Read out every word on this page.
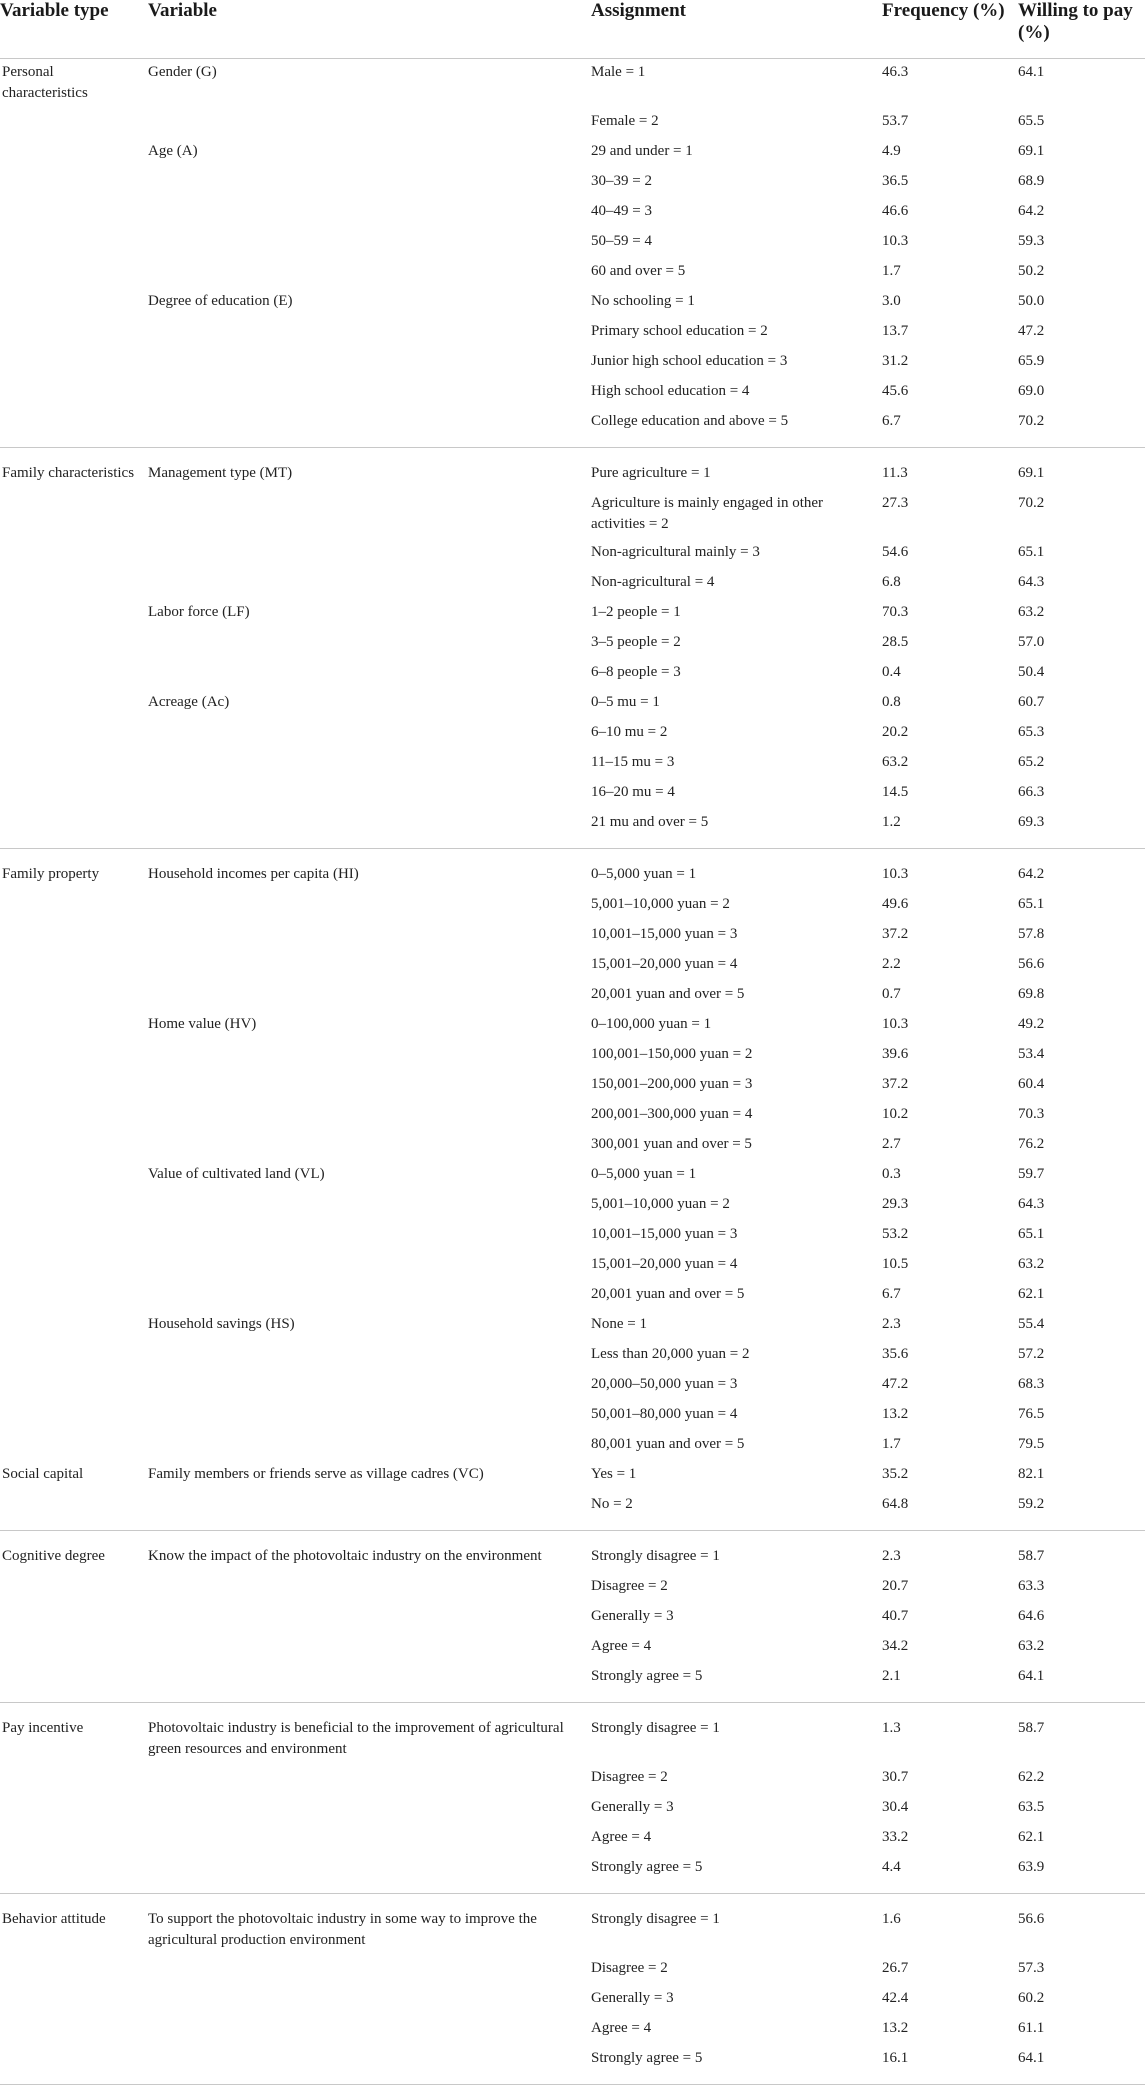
Variable type	Variable	Assignment	Frequency (%)	Willing to pay (%)
Personal characteristics	Gender (G)	Male = 1	46.3	64.1
		Female = 2	53.7	65.5
	Age (A)	29 and under = 1	4.9	69.1
		30–39 = 2	36.5	68.9
		40–49 = 3	46.6	64.2
		50–59 = 4	10.3	59.3
		60 and over = 5	1.7	50.2
	Degree of education (E)	No schooling = 1	3.0	50.0
		Primary school education = 2	13.7	47.2
		Junior high school education = 3	31.2	65.9
		High school education = 4	45.6	69.0
		College education and above = 5	6.7	70.2
Family characteristics	Management type (MT)	Pure agriculture = 1	11.3	69.1
		Agriculture is mainly engaged in other activities = 2	27.3	70.2
		Non-agricultural mainly = 3	54.6	65.1
		Non-agricultural = 4	6.8	64.3
	Labor force (LF)	1–2 people = 1	70.3	63.2
		3–5 people = 2	28.5	57.0
		6–8 people = 3	0.4	50.4
	Acreage (Ac)	0–5 mu = 1	0.8	60.7
		6–10 mu = 2	20.2	65.3
		11–15 mu = 3	63.2	65.2
		16–20 mu = 4	14.5	66.3
		21 mu and over = 5	1.2	69.3
Family property	Household incomes per capita (HI)	0–5,000 yuan = 1	10.3	64.2
		5,001–10,000 yuan = 2	49.6	65.1
		10,001–15,000 yuan = 3	37.2	57.8
		15,001–20,000 yuan = 4	2.2	56.6
		20,001 yuan and over = 5	0.7	69.8
	Home value (HV)	0–100,000 yuan = 1	10.3	49.2
		100,001–150,000 yuan = 2	39.6	53.4
		150,001–200,000 yuan = 3	37.2	60.4
		200,001–300,000 yuan = 4	10.2	70.3
		300,001 yuan and over = 5	2.7	76.2
	Value of cultivated land (VL)	0–5,000 yuan = 1	0.3	59.7
		5,001–10,000 yuan = 2	29.3	64.3
		10,001–15,000 yuan = 3	53.2	65.1
		15,001–20,000 yuan = 4	10.5	63.2
		20,001 yuan and over = 5	6.7	62.1
	Household savings (HS)	None = 1	2.3	55.4
		Less than 20,000 yuan = 2	35.6	57.2
		20,000–50,000 yuan = 3	47.2	68.3
		50,001–80,000 yuan = 4	13.2	76.5
		80,001 yuan and over = 5	1.7	79.5
Social capital	Family members or friends serve as village cadres (VC)	Yes = 1	35.2	82.1
		No = 2	64.8	59.2
Cognitive degree	Know the impact of the photovoltaic industry on the environment	Strongly disagree = 1	2.3	58.7
		Disagree = 2	20.7	63.3
		Generally = 3	40.7	64.6
		Agree = 4	34.2	63.2
		Strongly agree = 5	2.1	64.1
Pay incentive	Photovoltaic industry is beneficial to the improvement of agricultural green resources and environment	Strongly disagree = 1	1.3	58.7
		Disagree = 2	30.7	62.2
		Generally = 3	30.4	63.5
		Agree = 4	33.2	62.1
		Strongly agree = 5	4.4	63.9
Behavior attitude	To support the photovoltaic industry in some way to improve the agricultural production environment	Strongly disagree = 1	1.6	56.6
		Disagree = 2	26.7	57.3
		Generally = 3	42.4	60.2
		Agree = 4	13.2	61.1
		Strongly agree = 5	16.1	64.1
